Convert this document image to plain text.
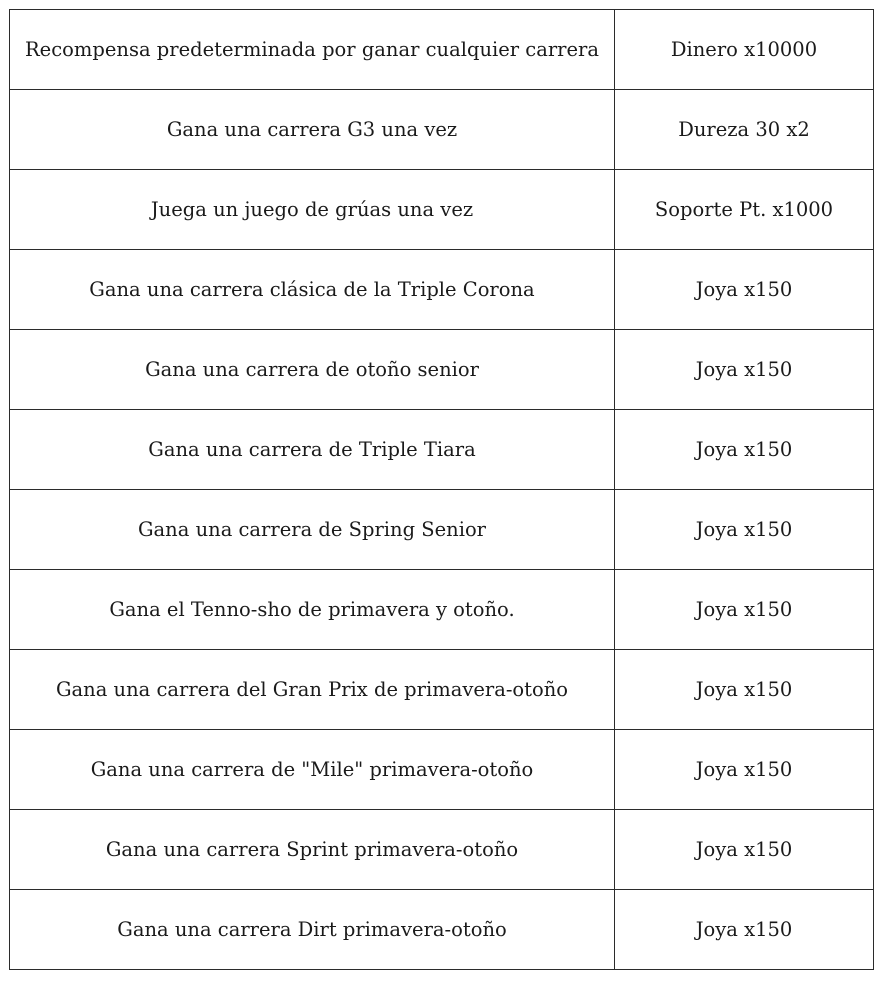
Recompensa predeterminada por ganar cualquier carrera	Dinero x10000
Gana una carrera G3 una vez	Dureza 30 x2
Juega un juego de grúas una vez	Soporte Pt. x1000
Gana una carrera clásica de la Triple Corona	Joya x150
Gana una carrera de otoño senior	Joya x150
Gana una carrera de Triple Tiara	Joya x150
Gana una carrera de Spring Senior	Joya x150
Gana el Tenno-sho de primavera y otoño.	Joya x150
Gana una carrera del Gran Prix de primavera-otoño	Joya x150
Gana una carrera de "Mile" primavera-otoño	Joya x150
Gana una carrera Sprint primavera-otoño	Joya x150
Gana una carrera Dirt primavera-otoño	Joya x150
